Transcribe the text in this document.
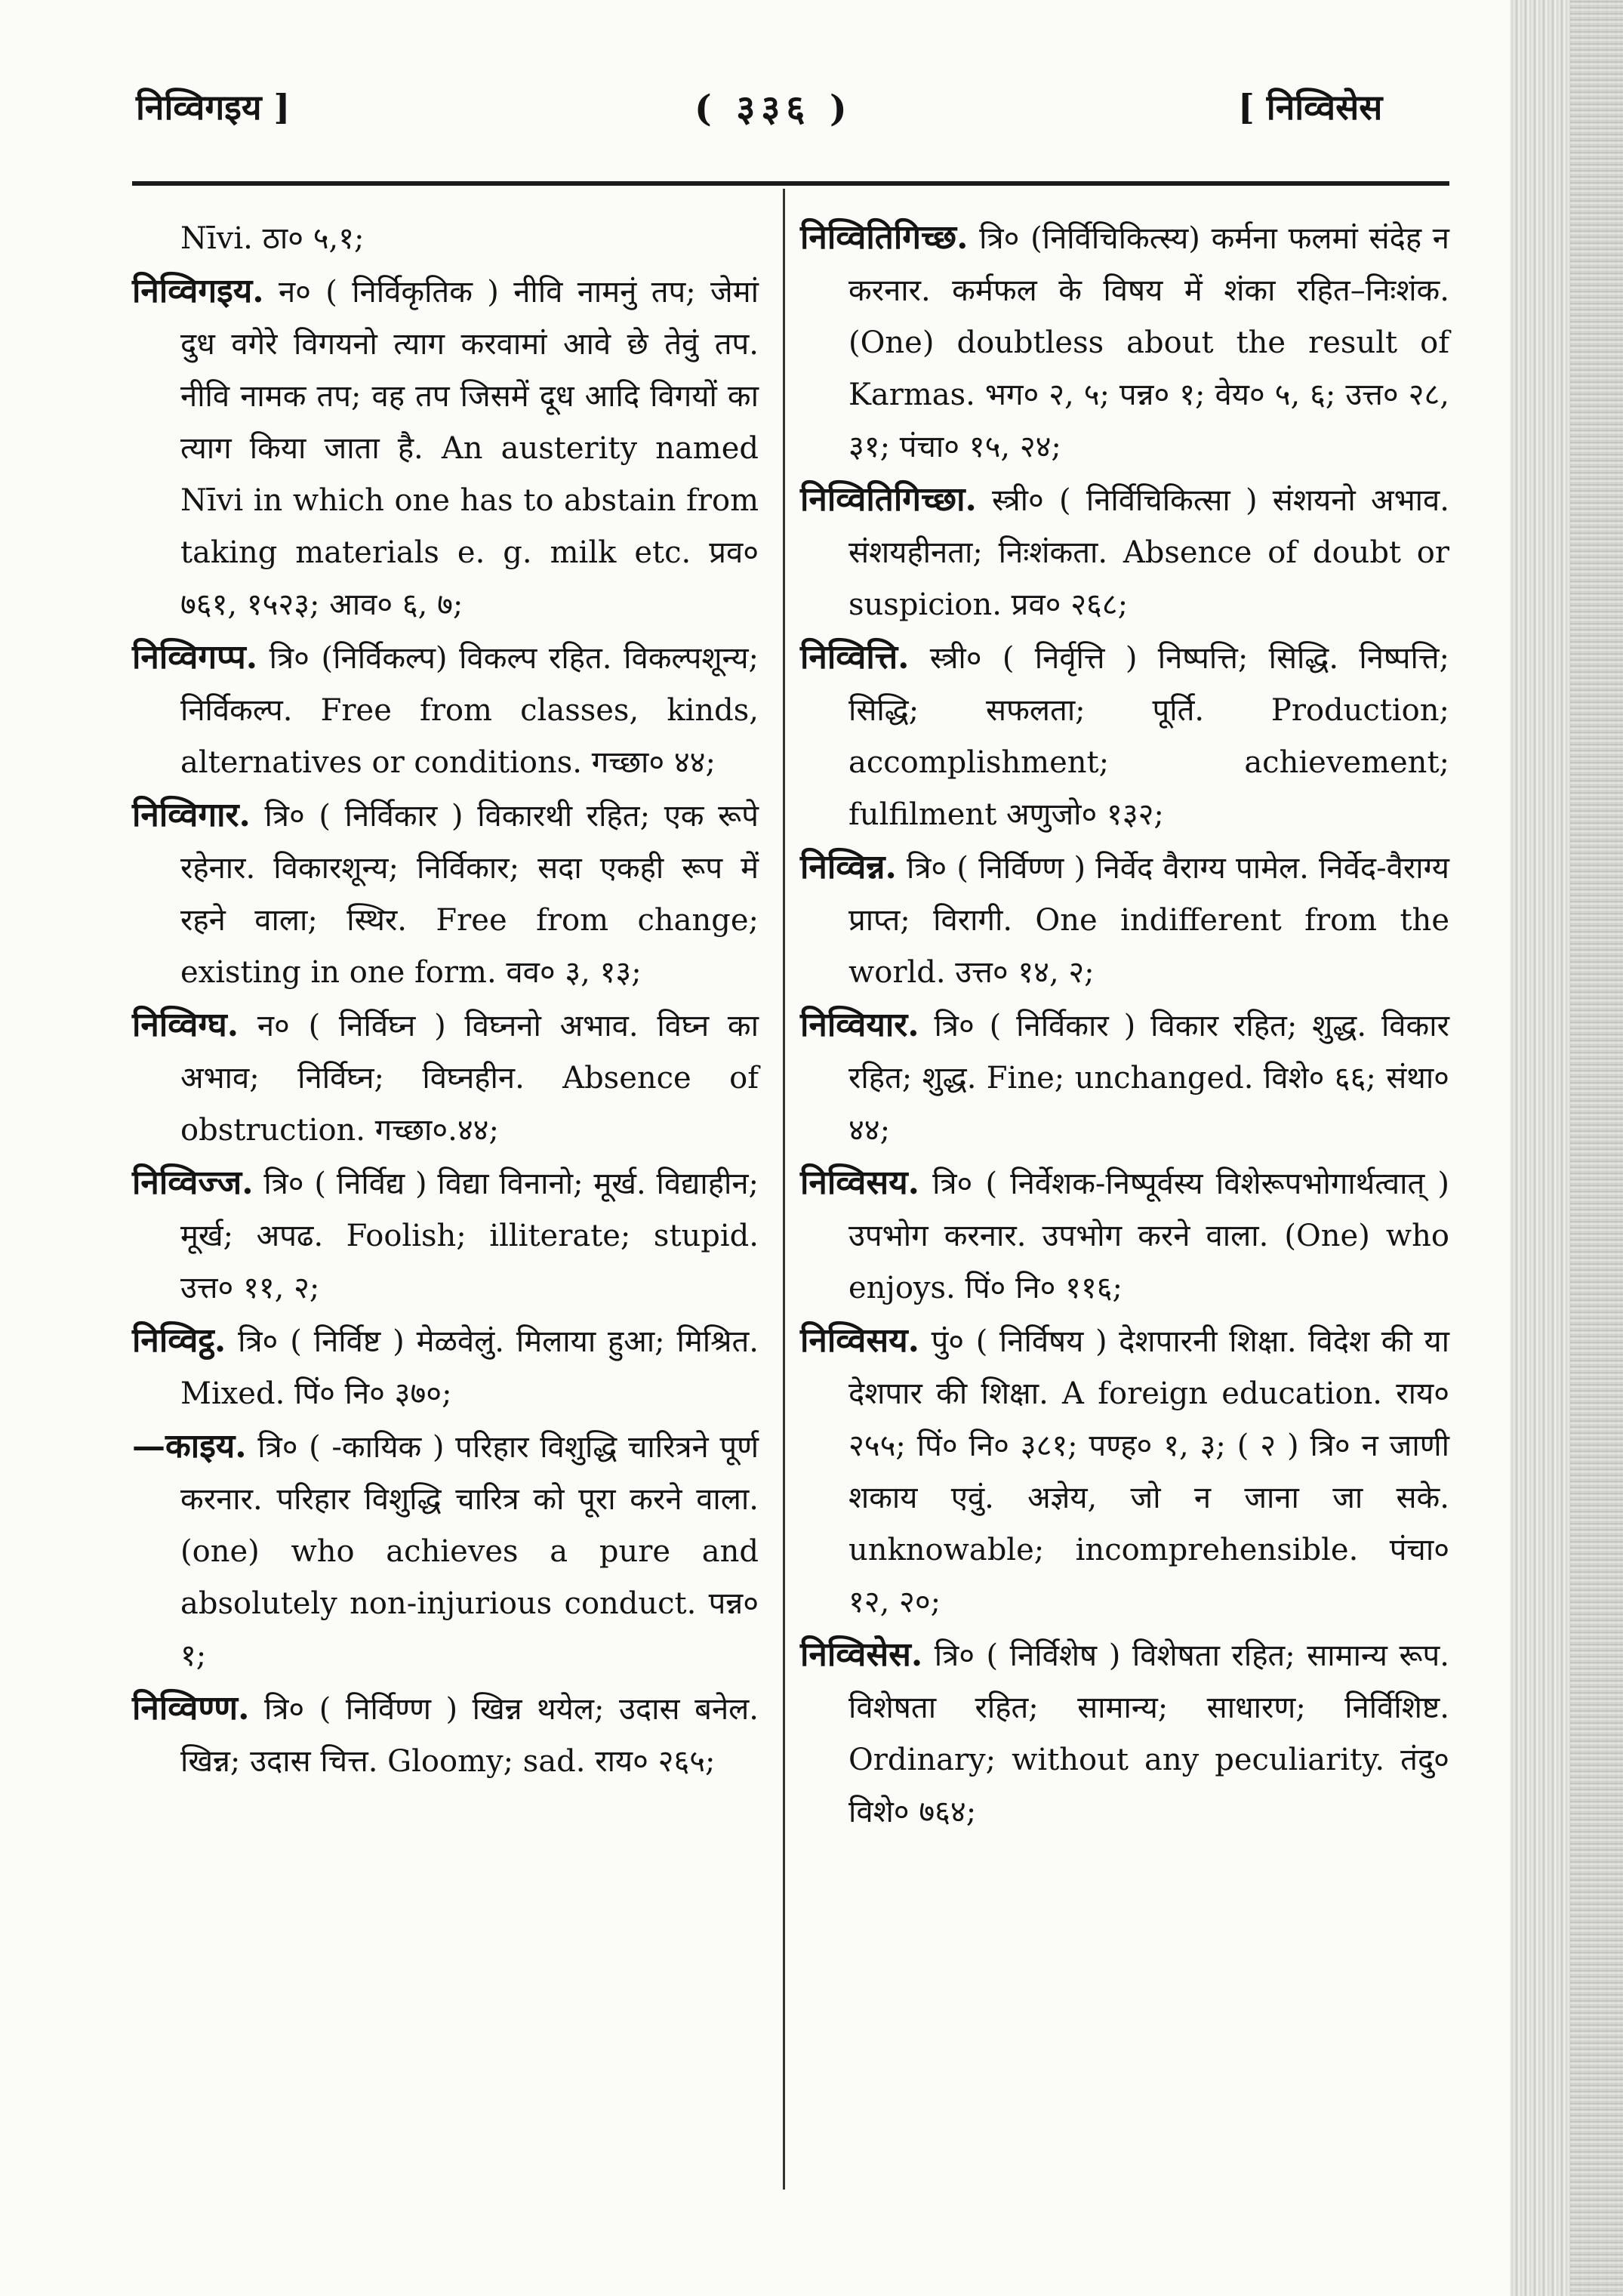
निव्विगइय ]	( ३३६ )	[ निव्विसेस

Nīvi. ठा० ५,१;

निव्विगइय. न० ( निर्विकृतिक ) नीवि नामनुं तप; जेमां दुध वगेरे विगयनो त्याग करवामां आवे छे तेवुं तप. नीवि नामक तप; वह तप जिसमें दूध आदि विगयों का त्याग किया जाता है. An austerity named Nīvi in which one has to abstain from taking materials e. g. milk etc. प्रव० ७६१, १५२३; आव० ६, ७;

निव्विगप्प. त्रि० (निर्विकल्प) विकल्प रहित. विकल्पशून्य; निर्विकल्प. Free from classes, kinds, alternatives or conditions. गच्छा० ४४;

निव्विगार. त्रि० ( निर्विकार ) विकारथी रहित; एक रूपे रहेनार. विकारशून्य; निर्विकार; सदा एकही रूप में रहने वाला; स्थिर. Free from change; existing in one form. वव० ३, १३;

निव्विग्घ. न० ( निर्विघ्न ) विघ्ननो अभाव. विघ्न का अभाव; निर्विघ्न; विघ्नहीन. Absence of obstruction. गच्छा०.४४;

निव्विज्ज. त्रि० ( निर्विद्य ) विद्या विनानो; मूर्ख. विद्याहीन; मूर्ख; अपढ. Foolish; illiterate; stupid. उत्त० ११, २;

निव्विट्ठ. त्रि० ( निर्विष्ट ) मेळवेलुं. मिलाया हुआ; मिश्रित. Mixed. पिं० नि० ३७०;

—काइय. त्रि० ( -कायिक ) परिहार विशुद्धि चारित्रने पूर्ण करनार. परिहार विशुद्धि चारित्र को पूरा करने वाला. (one) who achieves a pure and absolutely non-injurious conduct. पन्न० १;

निव्विण्ण. त्रि० ( निर्विण्ण ) खिन्न थयेल; उदास बनेल. खिन्न; उदास चित्त. Gloomy; sad. राय० २६५;

निव्वितिगिच्छ. त्रि० (निर्विचिकित्स्य) कर्मना फलमां संदेह न करनार. कर्मफल के विषय में शंका रहित–निःशंक. (One) doubtless about the result of Karmas. भग० २, ५; पन्न० १; वेय० ५, ६; उत्त० २८, ३१; पंचा० १५, २४;

निव्वितिगिच्छा. स्त्री० ( निर्विचिकित्सा ) संशयनो अभाव. संशयहीनता; निःशंकता. Absence of doubt or suspicion. प्रव० २६८;

निव्वित्ति. स्त्री० ( निर्वृत्ति ) निष्पत्ति; सिद्धि. निष्पत्ति; सिद्धि; सफलता; पूर्ति. Production; accomplishment; achievement; fulfilment अणुजो० १३२;

निव्विन्न. त्रि० ( निर्विण्ण ) निर्वेद वैराग्य पामेल. निर्वेद-वैराग्य प्राप्त; विरागी. One indifferent from the world. उत्त० १४, २;

निव्वियार. त्रि० ( निर्विकार ) विकार रहित; शुद्ध. विकार रहित; शुद्ध. Fine; unchanged. विशे० ६६; संथा० ४४;

निव्विसय. त्रि० ( निर्वेशक-निष्पूर्वस्य विशेरूपभोगार्थत्वात् ) उपभोग करनार. उपभोग करने वाला. (One) who enjoys. पिं० नि० ११६;

निव्विसय. पुं० ( निर्विषय ) देशपारनी शिक्षा. विदेश की या देशपार की शिक्षा. A foreign education. राय० २५५; पिं० नि० ३८१; पण्ह० १, ३; ( २ ) त्रि० न जाणी शकाय एवुं. अज्ञेय, जो न जाना जा सके. unknowable; incomprehensible. पंचा० १२, २०;

निव्विसेस. त्रि० ( निर्विशेष ) विशेषता रहित; सामान्य रूप. विशेषता रहित; सामान्य; साधारण; निर्विशिष्ट. Ordinary; without any peculiarity. तंदु० विशे० ७६४;
